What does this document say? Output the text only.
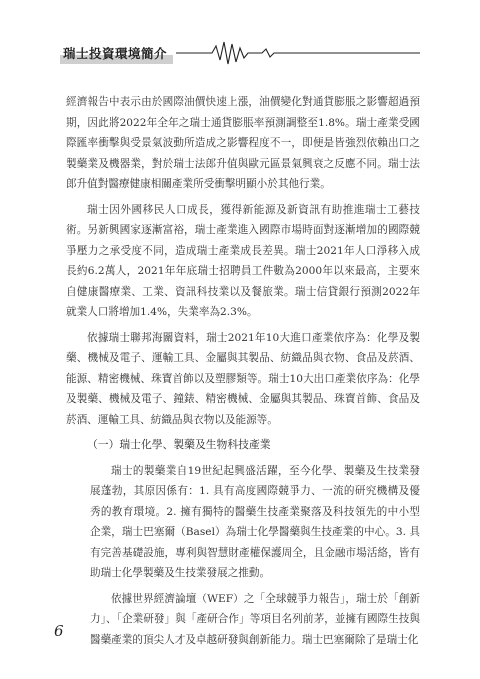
瑞士投資環境簡介

經濟報告中表示由於國際油價快速上漲，油價變化對通貨膨脹之影響超過預期，因此將2022年全年之瑞士通貨膨脹率預測調整至1.8%。瑞士產業受國際匯率衝擊與受景氣波動所造成之影響程度不一，即便是皆強烈依賴出口之製藥業及機器業，對於瑞士法郎升值與歐元區景氣興衰之反應不同。瑞士法郎升值對醫療健康相關產業所受衝擊明顯小於其他行業。

瑞士因外國移民人口成長，獲得新能源及新資訊有助推進瑞士工藝技術。另新興國家逐漸富裕，瑞士產業進入國際市場時面對逐漸增加的國際競爭壓力之承受度不同，造成瑞士產業成長差異。瑞士2021年人口淨移入成長約6.2萬人，2021年年底瑞士招聘員工件數為2000年以來最高，主要來自健康醫療業、工業、資訊科技業以及餐旅業。瑞士信貸銀行預測2022年就業人口將增加1.4%，失業率為2.3%。

依據瑞士聯邦海關資料，瑞士2021年10大進口產業依序為：化學及製藥、機械及電子、運輸工具、金屬與其製品、紡織品與衣物、食品及菸酒、能源、精密機械、珠寶首飾以及塑膠類等。瑞士10大出口產業依序為：化學及製藥、機械及電子、鐘錶、精密機械、金屬與其製品、珠寶首飾、食品及菸酒、運輸工具、紡織品與衣物以及能源等。

（一）瑞士化學、製藥及生物科技產業

瑞士的製藥業自19世紀起興盛活躍，至今化學、製藥及生技業發展蓬勃，其原因係有：1. 具有高度國際競爭力、一流的研究機構及優秀的教育環境。2. 擁有獨特的醫藥生技產業聚落及科技領先的中小型企業，瑞士巴塞爾（Basel）為瑞士化學醫藥與生技產業的中心。3. 具有完善基礎設施，專利與智慧財產權保護周全，且金融市場活絡，皆有助瑞士化學製藥及生技業發展之推動。

依據世界經濟論壇（WEF）之「全球競爭力報告」，瑞士於「創新力」、「企業研發」與「產研合作」等項目名列前茅，並擁有國際生技與醫藥產業的頂尖人才及卓越研發與創新能力。瑞士巴塞爾除了是瑞士化

6
